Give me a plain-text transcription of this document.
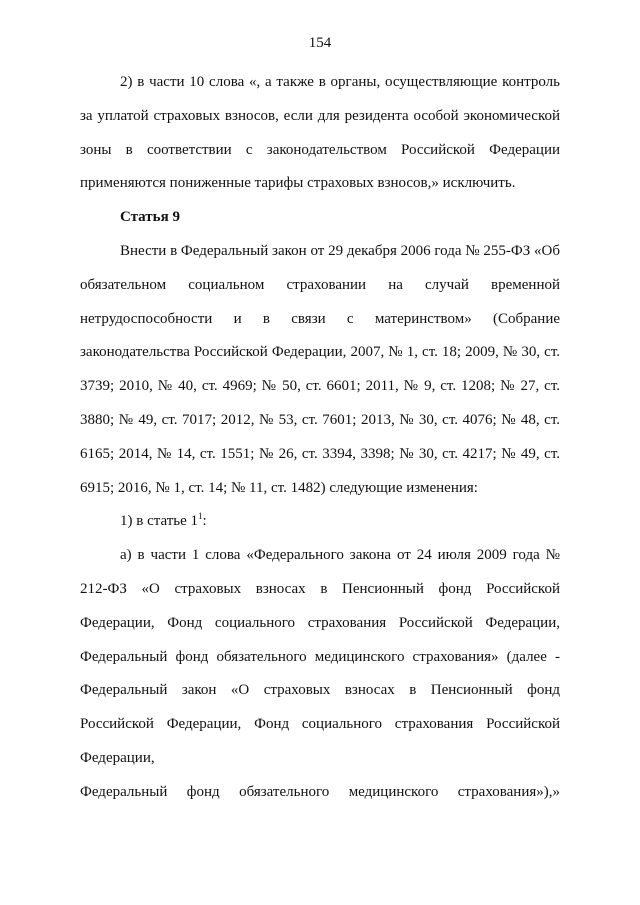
154

2) в части 10 слова «, а также в органы, осуществляющие контроль за уплатой страховых взносов, если для резидента особой экономической зоны в соответствии с законодательством Российской Федерации применяются пониженные тарифы страховых взносов,» исключить.

Статья 9

Внести в Федеральный закон от 29 декабря 2006 года № 255-ФЗ «Об обязательном социальном страховании на случай временной нетрудоспособности и в связи с материнством» (Собрание законодательства Российской Федерации, 2007, № 1, ст. 18; 2009, № 30, ст. 3739; 2010, № 40, ст. 4969; № 50, ст. 6601; 2011, № 9, ст. 1208; № 27, ст. 3880; № 49, ст. 7017; 2012, № 53, ст. 7601; 2013, № 30, ст. 4076; № 48, ст. 6165; 2014, № 14, ст. 1551; № 26, ст. 3394, 3398; № 30, ст. 4217; № 49, ст. 6915; 2016, № 1, ст. 14; № 11, ст. 1482) следующие изменения:

1) в статье $1^1$:

а) в части 1 слова «Федерального закона от 24 июля 2009 года № 212-ФЗ «О страховых взносах в Пенсионный фонд Российской Федерации, Фонд социального страхования Российской Федерации, Федеральный фонд обязательного медицинского страхования» (далее - Федеральный закон «О страховых взносах в Пенсионный фонд Российской Федерации, Фонд социального страхования Российской Федерации,

Федеральный фонд обязательного медицинского страхования»),»
